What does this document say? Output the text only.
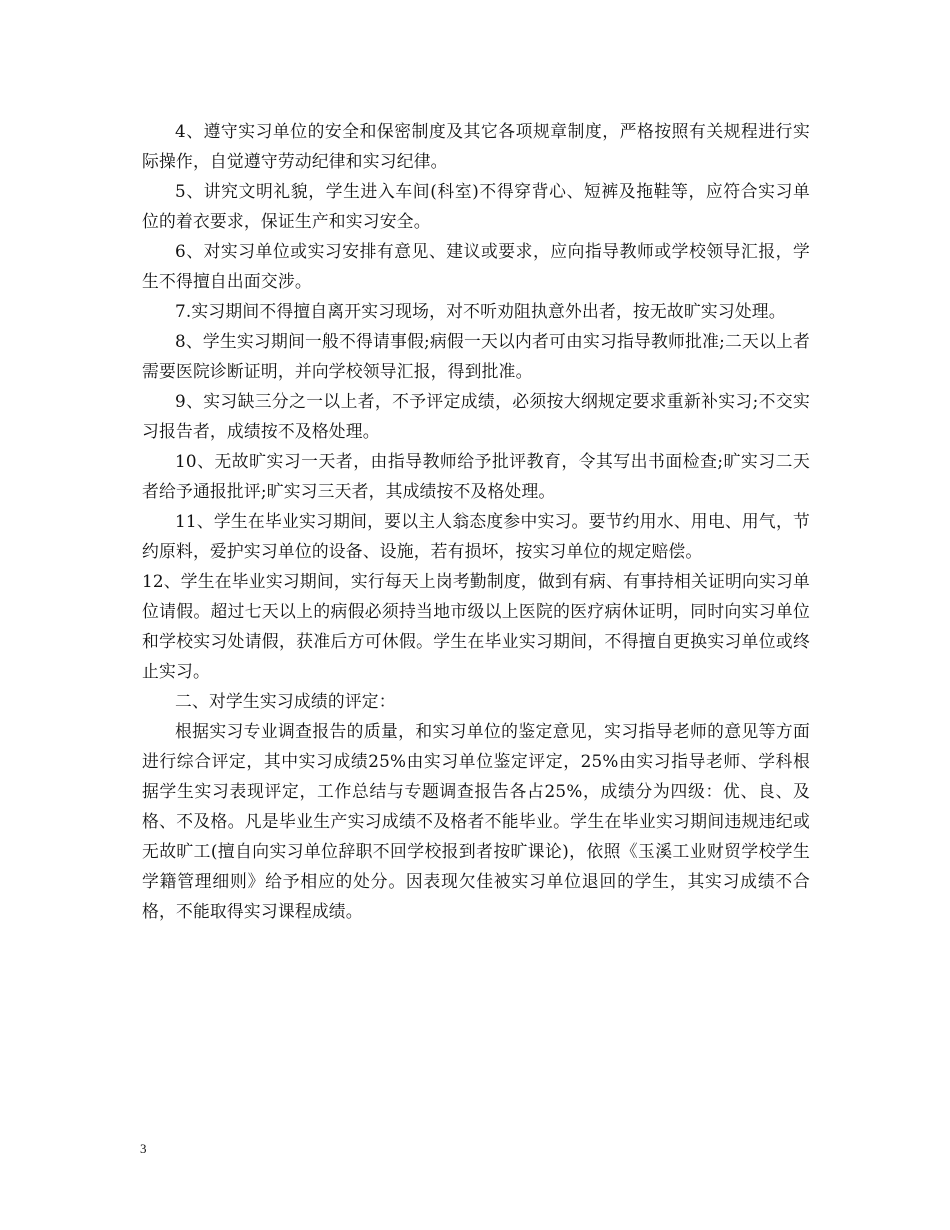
4、遵守实习单位的安全和保密制度及其它各项规章制度，严格按照有关规程进行实际操作，自觉遵守劳动纪律和实习纪律。

5、讲究文明礼貌，学生进入车间(科室)不得穿背心、短裤及拖鞋等，应符合实习单位的着衣要求，保证生产和实习安全。

6、对实习单位或实习安排有意见、建议或要求，应向指导教师或学校领导汇报，学生不得擅自出面交涉。

7.实习期间不得擅自离开实习现场，对不听劝阻执意外出者，按无故旷实习处理。

8、学生实习期间一般不得请事假;病假一天以内者可由实习指导教师批准;二天以上者需要医院诊断证明，并向学校领导汇报，得到批准。

9、实习缺三分之一以上者，不予评定成绩，必须按大纲规定要求重新补实习;不交实习报告者，成绩按不及格处理。

10、无故旷实习一天者，由指导教师给予批评教育，令其写出书面检查;旷实习二天者给予通报批评;旷实习三天者，其成绩按不及格处理。

11、学生在毕业实习期间，要以主人翁态度参中实习。要节约用水、用电、用气，节约原料，爱护实习单位的设备、设施，若有损坏，按实习单位的规定赔偿。

12、学生在毕业实习期间，实行每天上岗考勤制度，做到有病、有事持相关证明向实习单位请假。超过七天以上的病假必须持当地市级以上医院的医疗病休证明，同时向实习单位和学校实习处请假，获准后方可休假。学生在毕业实习期间，不得擅自更换实习单位或终止实习。

二、对学生实习成绩的评定：

根据实习专业调查报告的质量，和实习单位的鉴定意见，实习指导老师的意见等方面进行综合评定，其中实习成绩25%由实习单位鉴定评定，25%由实习指导老师、学科根据学生实习表现评定，工作总结与专题调查报告各占25%，成绩分为四级：优、良、及格、不及格。凡是毕业生产实习成绩不及格者不能毕业。学生在毕业实习期间违规违纪或无故旷工(擅自向实习单位辞职不回学校报到者按旷课论)，依照《玉溪工业财贸学校学生学籍管理细则》给予相应的处分。因表现欠佳被实习单位退回的学生，其实习成绩不合格，不能取得实习课程成绩。

3
